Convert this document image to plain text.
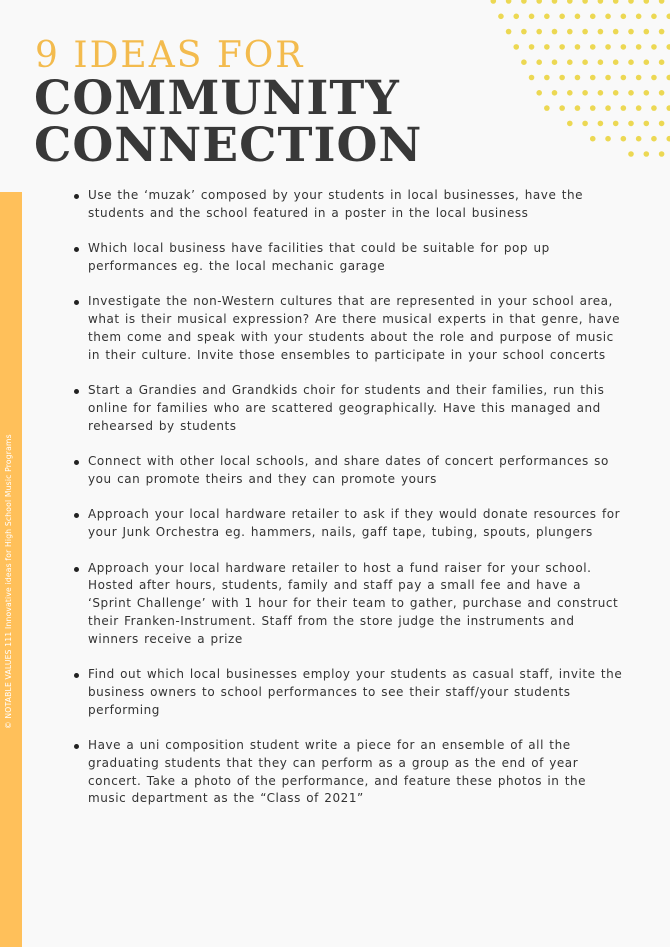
9 IDEAS FOR
COMMUNITY
CONNECTION
© NOTABLE VALUES 111 Innovative ideas for High School Music Programs
Use the ‘muzak’ composed by your students in local businesses, have the students and the school featured in a poster in the local business
Which local business have facilities that could be suitable for pop up performances eg. the local mechanic garage
Investigate the non-Western cultures that are represented in your school area, what is their musical expression? Are there musical experts in that genre, have them come and speak with your students about the role and purpose of music in their culture. Invite those ensembles to participate in your school concerts
Start a Grandies and Grandkids choir for students and their families, run this online for families who are scattered geographically. Have this managed and rehearsed by students
Connect with other local schools, and share dates of concert performances so you can promote theirs and they can promote yours
Approach your local hardware retailer to ask if they would donate resources for your Junk Orchestra eg. hammers, nails, gaff tape, tubing, spouts, plungers
Approach your local hardware retailer to host a fund raiser for your school. Hosted after hours, students, family and staff pay a small fee and have a ‘Sprint Challenge’ with 1 hour for their team to gather, purchase and construct their Franken-Instrument. Staff from the store judge the instruments and winners receive a prize
Find out which local businesses employ your students as casual staff, invite the business owners to school performances to see their staff/your students performing
Have a uni composition student write a piece for an ensemble of all the graduating students that they can perform as a group as the end of year concert. Take a photo of the performance, and feature these photos in the music department as the “Class of 2021”
